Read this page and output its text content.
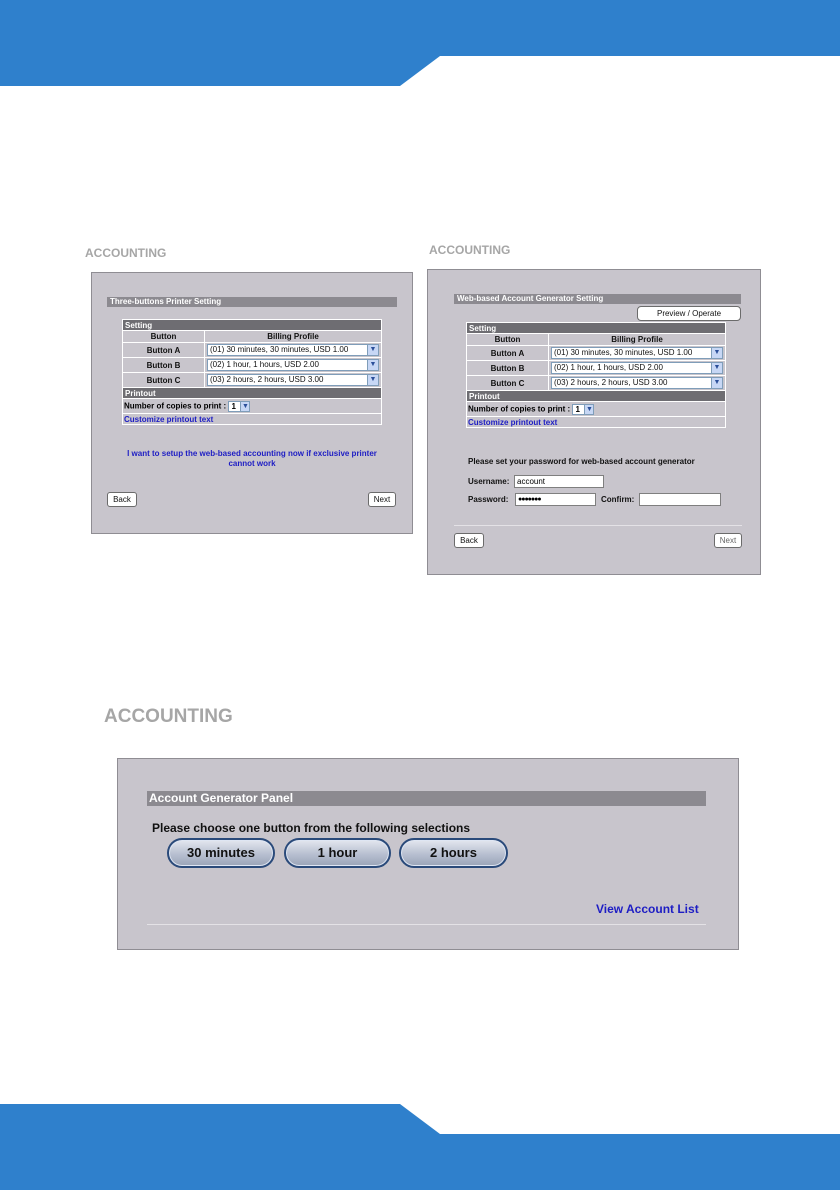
ACCOUNTING
Three-buttons Printer Setting
Setting	
Button	Billing Profile
Button A	(01) 30 minutes, 30 minutes, USD 1.00 ▼

Button B	(02) 1 hour, 1 hours, USD 2.00 ▼

Button C	(03) 2 hours, 2 hours, USD 3.00 ▼

Printout	
Number of copies to print : 1 ▼	

Customize printout text	
I want to setup the web-based accounting now if exclusive printer
cannot work
Back	Next
ACCOUNTING
Web-based Account Generator Setting
Preview / Operate
Setting	
Button	Billing Profile
Button A	(01) 30 minutes, 30 minutes, USD 1.00 ▼

Button B	(02) 1 hour, 1 hours, USD 2.00 ▼

Button C	(03) 2 hours, 2 hours, USD 3.00 ▼

Printout	
Number of copies to print : 1 ▼	

Customize printout text	
Please set your password for web-based account generator
Username: account
Password:	●●●●●●●	Confirm:
Back	Next
ACCOUNTING
Account Generator Panel
Please choose one button from the following selections
30 minutes	1 hour	2 hours
View Account List
